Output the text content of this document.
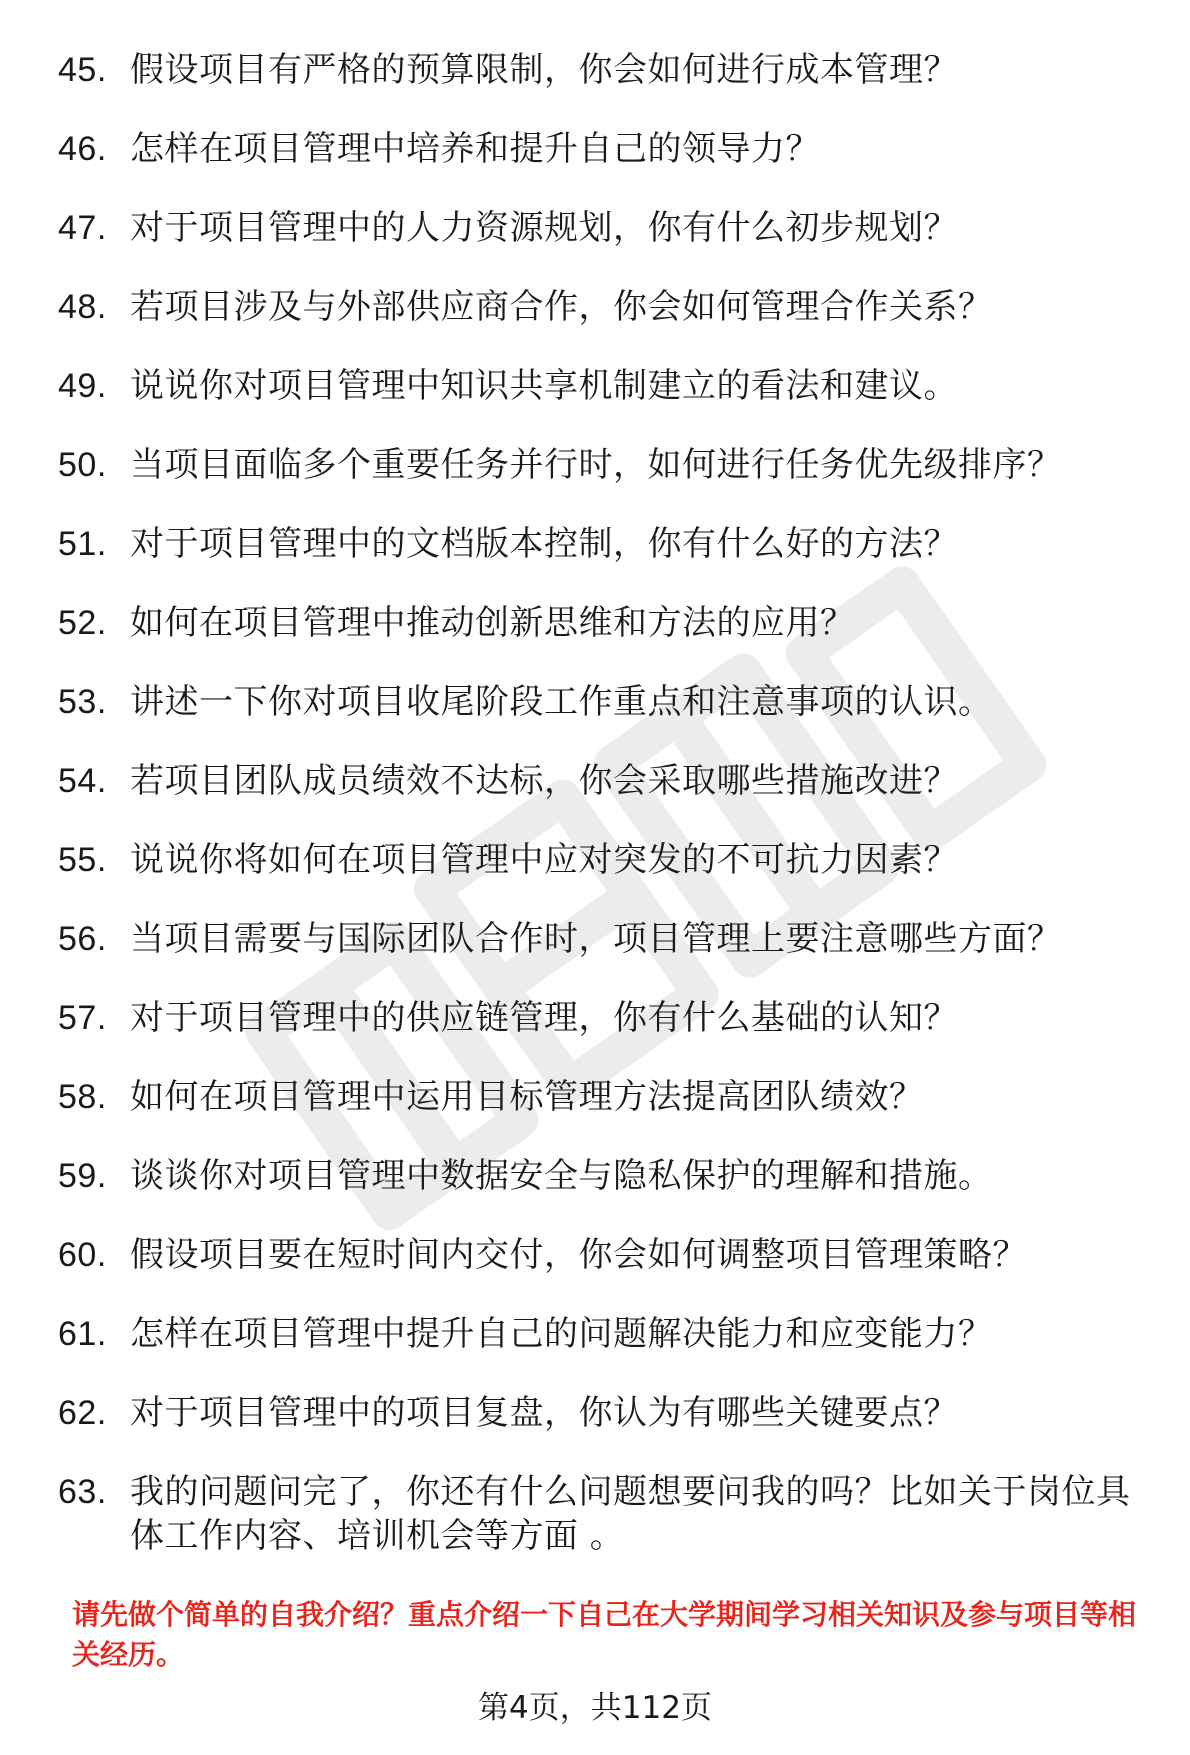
45. 假设项目有严格的预算限制，你会如何进行成本管理？
46. 怎样在项目管理中培养和提升自己的领导力？
47. 对于项目管理中的人力资源规划，你有什么初步规划？
48. 若项目涉及与外部供应商合作，你会如何管理合作关系？
49. 说说你对项目管理中知识共享机制建立的看法和建议。
50. 当项目面临多个重要任务并行时，如何进行任务优先级排序？
51. 对于项目管理中的文档版本控制，你有什么好的方法？
52. 如何在项目管理中推动创新思维和方法的应用？
53. 讲述一下你对项目收尾阶段工作重点和注意事项的认识。
54. 若项目团队成员绩效不达标，你会采取哪些措施改进？
55. 说说你将如何在项目管理中应对突发的不可抗力因素？
56. 当项目需要与国际团队合作时，项目管理上要注意哪些方面？
57. 对于项目管理中的供应链管理，你有什么基础的认知？
58. 如何在项目管理中运用目标管理方法提高团队绩效？
59. 谈谈你对项目管理中数据安全与隐私保护的理解和措施。
60. 假设项目要在短时间内交付，你会如何调整项目管理策略？
61. 怎样在项目管理中提升自己的问题解决能力和应变能力？
62. 对于项目管理中的项目复盘，你认为有哪些关键要点？
63. 我的问题问完了，你还有什么问题想要问我的吗？比如关于岗位具体工作内容、培训机会等方面 。

请先做个简单的自我介绍？重点介绍一下自己在大学期间学习相关知识及参与项目等相关经历。

第4页，共112页
